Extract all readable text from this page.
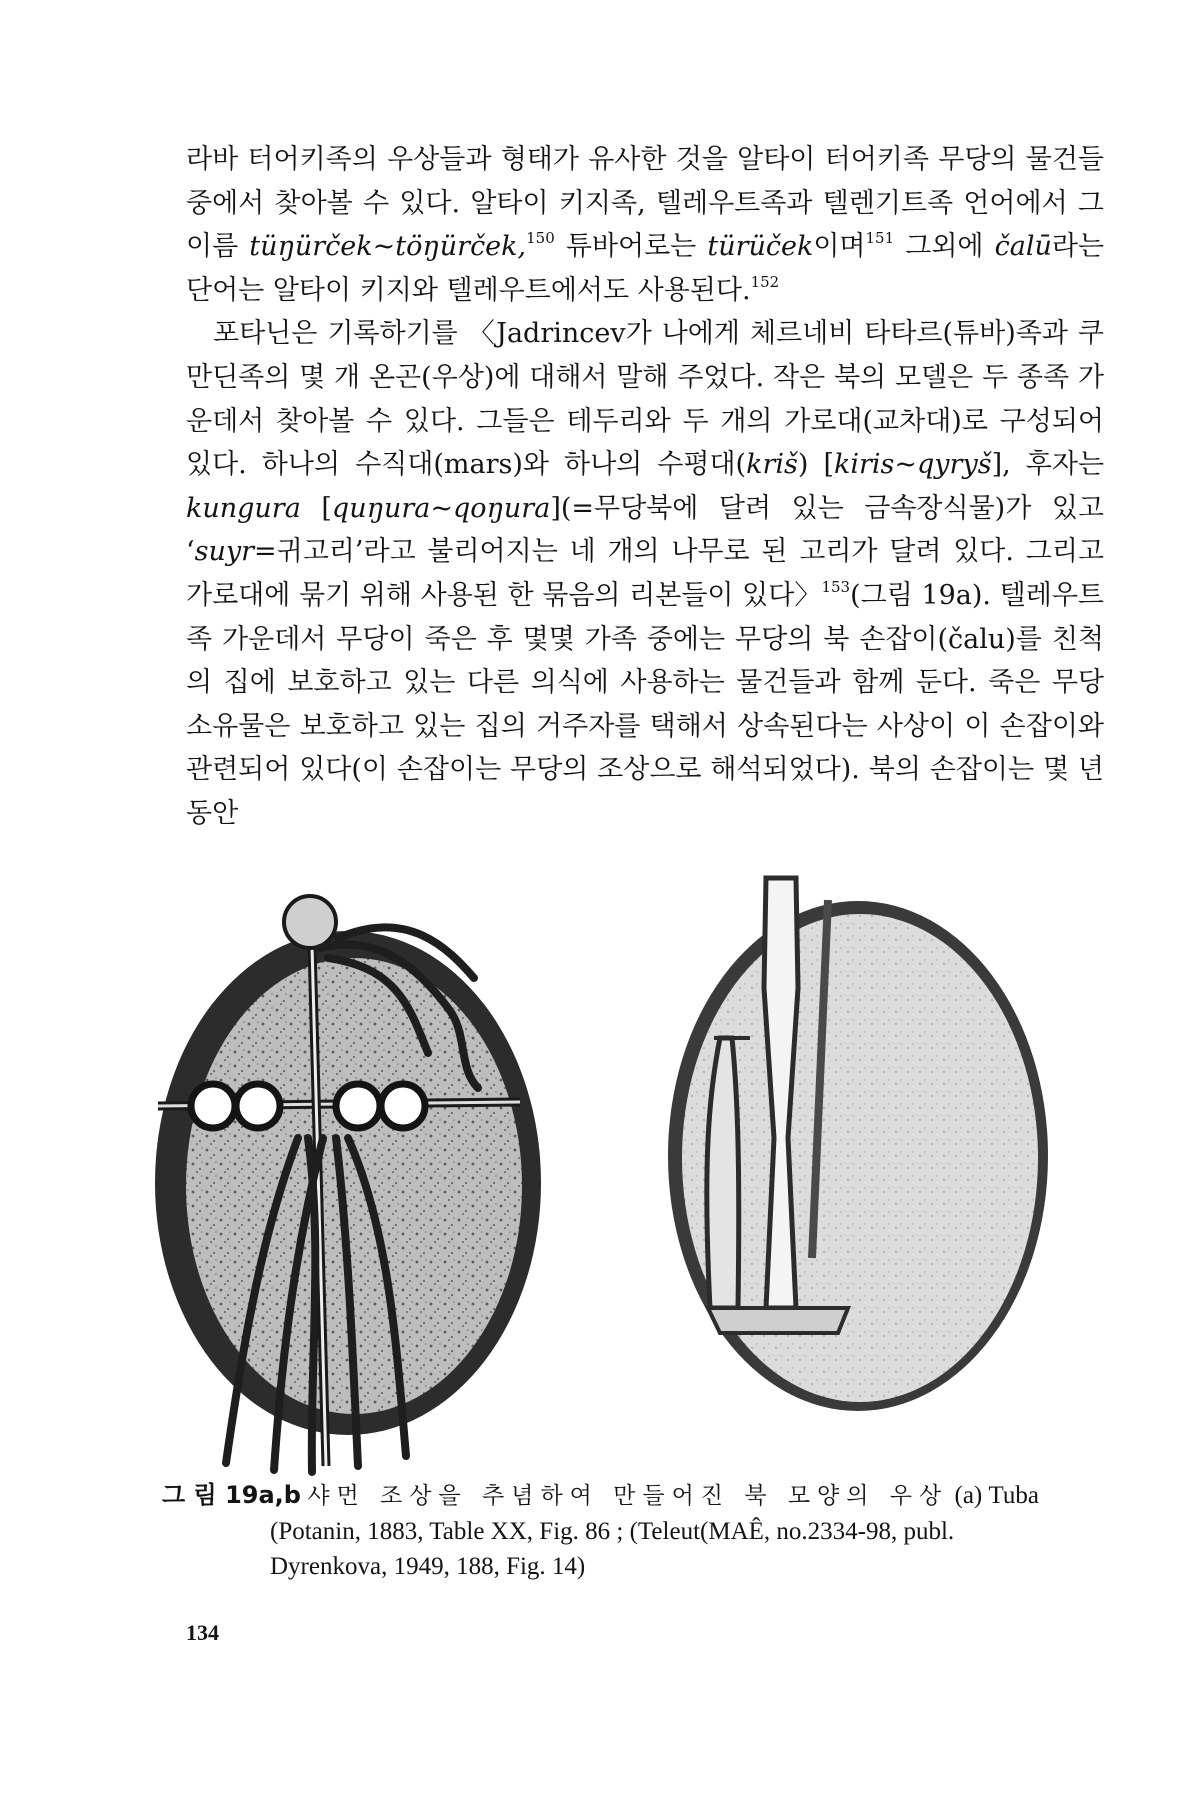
라바 터어키족의 우상들과 형태가 유사한 것을 알타이 터어키족 무당의 물건들 중에서 찾아볼 수 있다. 알타이 키지족, 텔레우트족과 텔렌기트족 언어에서 그 이름 tüŋürček~töŋürček,$^{150}$ 튜바어로는 türüček이며$^{151}$ 그외에 čalū라는 단어는 알타이 키지와 텔레우트에서도 사용된다.$^{152}$

포타닌은 기록하기를 〈Jadrincev가 나에게 체르네비 타타르(튜바)족과 쿠만딘족의 몇 개 온곤(우상)에 대해서 말해 주었다. 작은 북의 모델은 두 종족 가운데서 찾아볼 수 있다. 그들은 테두리와 두 개의 가로대(교차대)로 구성되어 있다. 하나의 수직대(mars)와 하나의 수평대(kriš) [kiris~qyryš], 후자는 kungura [quŋura~qoŋura](=무당북에 달려 있는 금속장식물)가 있고 ‘suyr=귀고리’라고 불리어지는 네 개의 나무로 된 고리가 달려 있다. 그리고 가로대에 묶기 위해 사용된 한 묶음의 리본들이 있다〉$^{153}$(그림 19a). 텔레우트족 가운데서 무당이 죽은 후 몇몇 가족 중에는 무당의 북 손잡이(čalu)를 친척의 집에 보호하고 있는 다른 의식에 사용하는 물건들과 함께 둔다. 죽은 무당 소유물은 보호하고 있는 집의 거주자를 택해서 상속된다는 사상이 이 손잡이와 관련되어 있다(이 손잡이는 무당의 조상으로 해석되었다). 북의 손잡이는 몇 년 동안

그 림 19a,b 샤먼 조상을 추념하여 만들어진 북 모양의 우상 (a) Tuba
(Potanin, 1883, Table XX, Fig. 86 ; (Teleut(MAÊ, no.2334-98, publ.
Dyrenkova, 1949, 188, Fig. 14)
134
